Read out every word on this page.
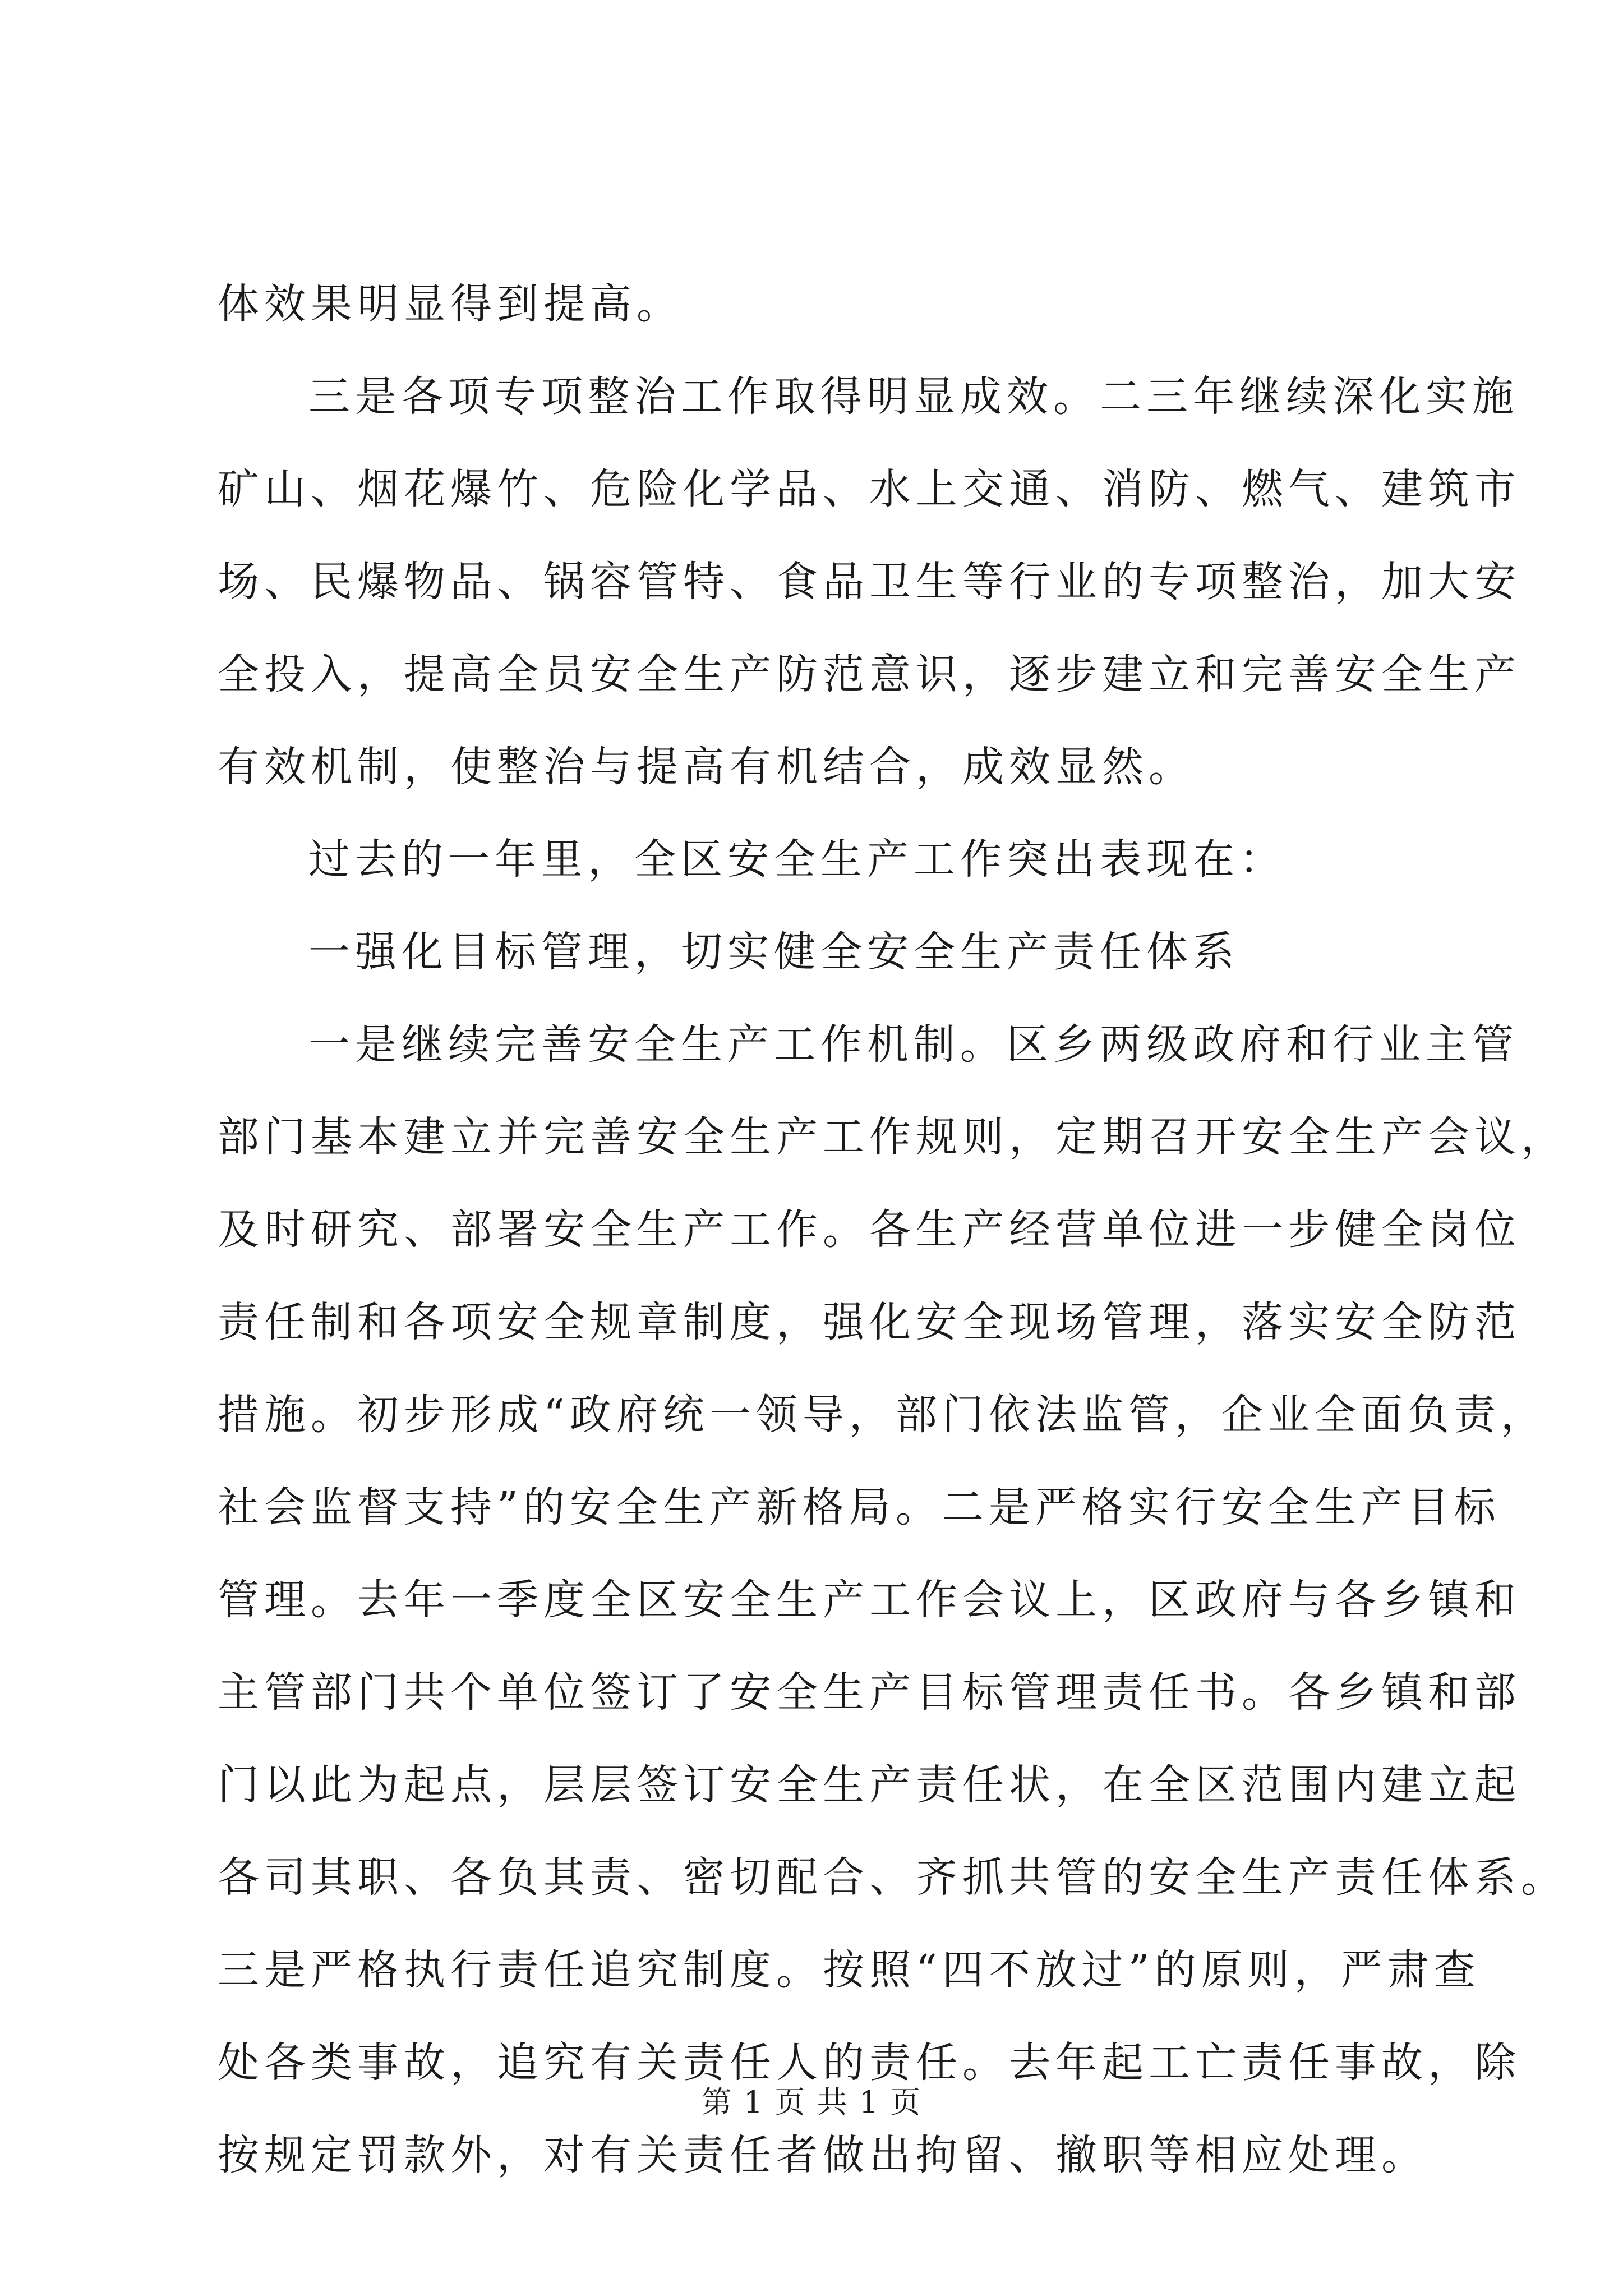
体效果明显得到提高。
三是各项专项整治工作取得明显成效。二三年继续深化实施
矿山、烟花爆竹、危险化学品、水上交通、消防、燃气、建筑市
场、民爆物品、锅容管特、食品卫生等行业的专项整治，加大安
全投入，提高全员安全生产防范意识，逐步建立和完善安全生产
有效机制，使整治与提高有机结合，成效显然。
过去的一年里，全区安全生产工作突出表现在：
一强化目标管理，切实健全安全生产责任体系
一是继续完善安全生产工作机制。区乡两级政府和行业主管
部门基本建立并完善安全生产工作规则，定期召开安全生产会议，
及时研究、部署安全生产工作。各生产经营单位进一步健全岗位
责任制和各项安全规章制度，强化安全现场管理，落实安全防范
措施。初步形成“政府统一领导，部门依法监管，企业全面负责，
社会监督支持”的安全生产新格局。二是严格实行安全生产目标
管理。去年一季度全区安全生产工作会议上，区政府与各乡镇和
主管部门共个单位签订了安全生产目标管理责任书。各乡镇和部
门以此为起点，层层签订安全生产责任状，在全区范围内建立起
各司其职、各负其责、密切配合、齐抓共管的安全生产责任体系。
三是严格执行责任追究制度。按照“四不放过”的原则，严肃查
处各类事故，追究有关责任人的责任。去年起工亡责任事故，除
按规定罚款外，对有关责任者做出拘留、撤职等相应处理。
第 1 页 共 1 页
